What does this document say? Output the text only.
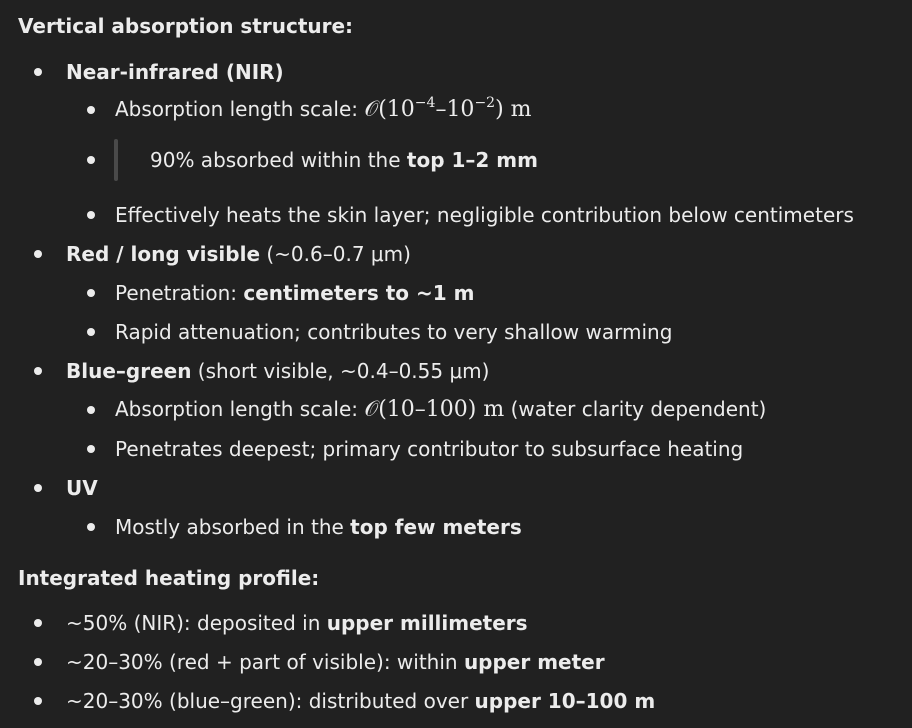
Vertical absorption structure:
Near-infrared (NIR)
Absorption length scale: $𝒪(10^{-4}-10^{-2})$ m
90% absorbed within the top 1–2 mm
Effectively heats the skin layer; negligible contribution below centimeters
Red / long visible (~0.6–0.7 μm)
Penetration: centimeters to ~1 m
Rapid attenuation; contributes to very shallow warming
Blue–green (short visible, ~0.4–0.55 μm)
Absorption length scale: 𝒪(10–100) m (water clarity dependent)
Penetrates deepest; primary contributor to subsurface heating
UV
Mostly absorbed in the top few meters
Integrated heating profile:
~50% (NIR): deposited in upper millimeters
~20–30% (red + part of visible): within upper meter
~20–30% (blue–green): distributed over upper 10–100 m
